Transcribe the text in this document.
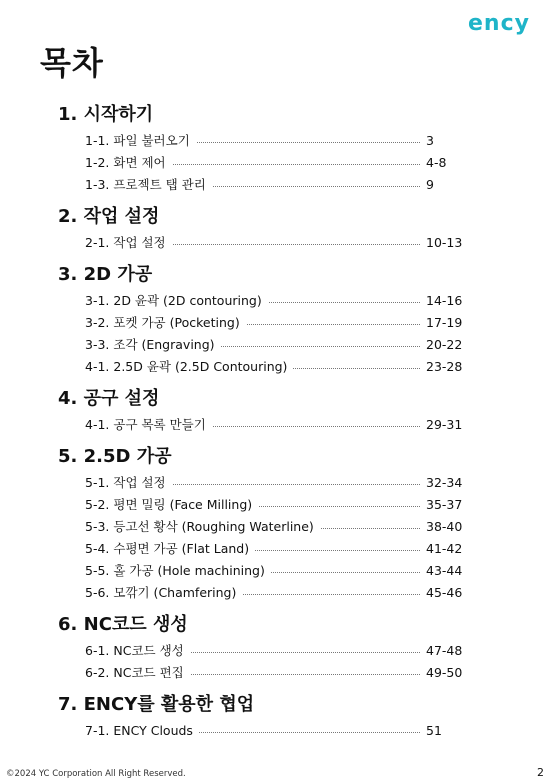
ency
목차
1. 시작하기
1-1. 파일 불러오기	3
1-2. 화면 제어	4-8
1-3. 프로젝트 탭 관리	9
2. 작업 설정
2-1. 작업 설정	10-13
3. 2D 가공
3-1. 2D 윤곽 (2D contouring)	14-16
3-2. 포켓 가공 (Pocketing)	17-19
3-3. 조각 (Engraving)	20-22
4-1. 2.5D 윤곽 (2.5D Contouring)	23-28
4. 공구 설정
4-1. 공구 목록 만들기	29-31
5. 2.5D 가공
5-1. 작업 설정	32-34
5-2. 평면 밀링 (Face Milling)	35-37
5-3. 등고선 황삭 (Roughing Waterline)	38-40
5-4. 수평면 가공 (Flat Land)	41-42
5-5. 홀 가공 (Hole machining)	43-44
5-6. 모깎기 (Chamfering)	45-46
6. NC코드 생성
6-1. NC코드 생성	47-48
6-2. NC코드 편집	49-50
7. ENCY를 활용한 협업
7-1. ENCY Clouds	51
©2024 YC Corporation All Right Reserved.	2
